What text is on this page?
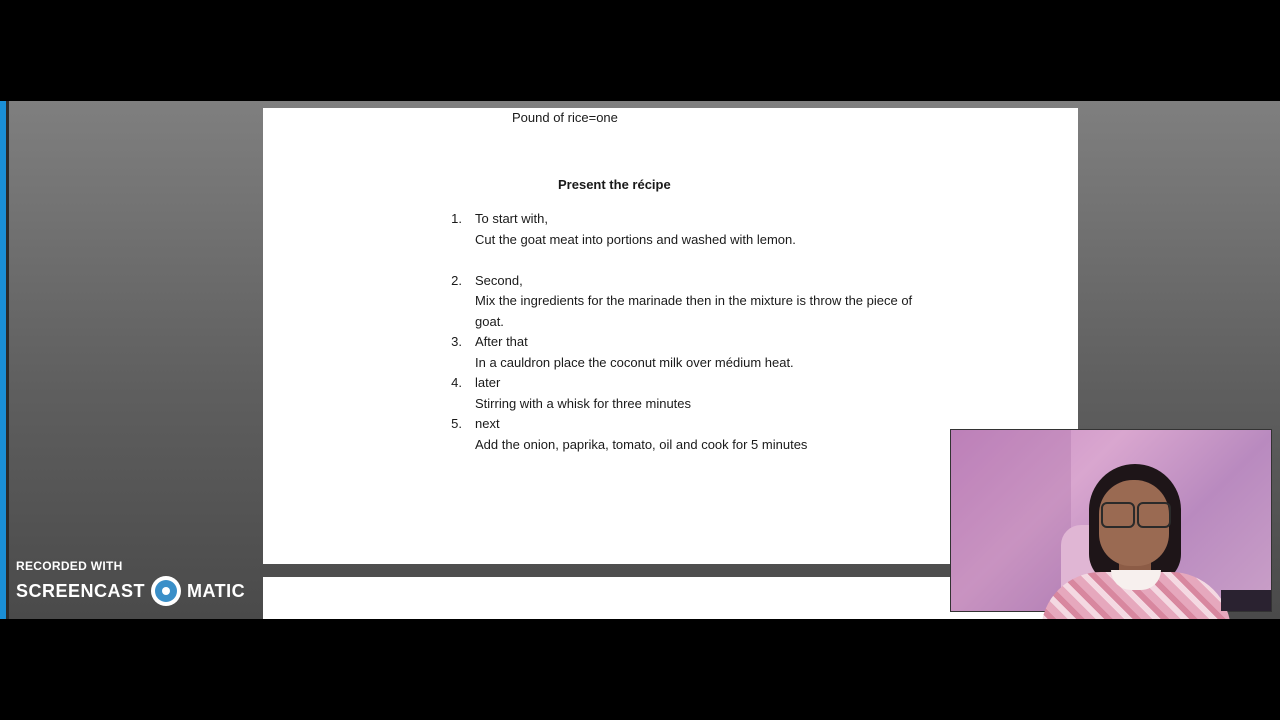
Pound of rice=one
Present the récipe
1. To start with,
Cut the goat meat into portions and washed with lemon.
2. Second,
Mix the ingredients for the marinade then in the mixture is throw the piece of
goat.
3. After that
In a cauldron place the coconut milk over médium heat.
4. later
Stirring with a whisk for three minutes
5. next
Add the onion, paprika, tomato, oil and cook for 5 minutes
RECORDED WITH
SCREENCAST MATIC
